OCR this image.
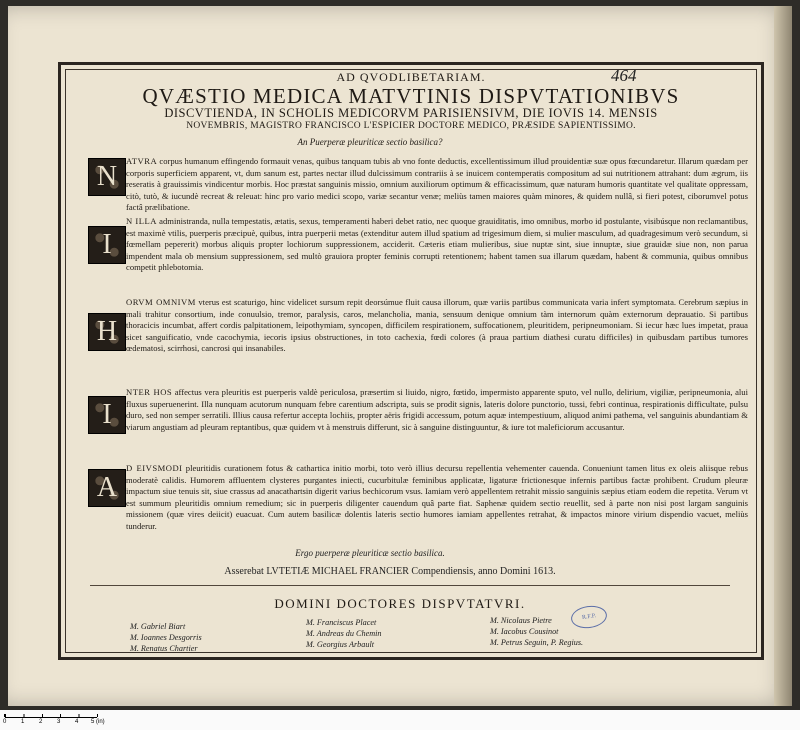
464
AD QVODLIBETARIAM.
QVÆSTIO MEDICA MATVTINIS DISPVTATIONIBVS
DISCVTIENDA, IN SCHOLIS MEDICORVM PARISIENSIVM, DIE IOVIS 14. MENSIS
NOVEMBRIS, MAGISTRO FRANCISCO L'ESPICIER DOCTORE MEDICO, PRÆSIDE SAPIENTISSIMO.
An Puerperæ pleuriticæ sectio basilica?

ATVRA corpus humanum effingendo formauit venas, quibus tanquam tubis ab vno fonte deductis, excellentissimum illud prouidentiæ suæ opus fœcundaretur. Illarum quædam per corporis superficiem apparent, vt, dum sanum est, partes nectar illud dulcissimum contrariis à se inuicem contemperatis compositum ad sui nutritionem attrahant: dum ægrum, iis reseratis à grauissimis vindicentur morbis. Hoc præstat sanguinis missio, omnium auxiliorum optimum & efficacissimum, quæ naturam humoris quantitate vel qualitate oppressam, citò, tutò, & iucundè recreat & releuat: hinc pro vario medici scopo, variæ secantur venæ; meliùs tamen maiores quàm minores, & quidem nullâ, si fieri potest, ciborumvel potus factâ prælibatione.

N

N ILLA administranda, nulla tempestatis, ætatis, sexus, temperamenti haberi debet ratio, nec quoque grauiditatis, imo omnibus, morbo id postulante, visibúsque non reclamantibus, est maximè vtilis, puerperis præcipuè, quibus, intra puerperii metas (extenditur autem illud spatium ad trigesimum diem, si mulier masculum, ad quadragesimum verò secundum, si fœmellam pepererit) morbus aliquis propter lochiorum suppressionem, acciderit. Cæteris etiam mulieribus, siue nuptæ sint, siue innuptæ, siue grauidæ siue non, non parua impendent mala ob mensium suppressionem, sed multò grauiora propter feminis corrupti retentionem; habent tamen sua illarum quædam, habent & communia, quibus omnibus competit phlebotomia.

I

ORVM OMNIVM vterus est scaturigo, hinc videlicet sursum repit deorsúmue fluit causa illorum, quæ variis partibus communicata varia infert symptomata. Cerebrum sæpius in mali trahitur consortium, inde conuulsio, tremor, paralysis, caros, melancholia, mania, sensuum denique omnium tàm internorum quàm externorum deprauatio. Si partibus thoracicis incumbat, affert cordis palpitationem, leipothymiam, syncopen, difficilem respirationem, suffocationem, pleuritidem, peripneumoniam. Si iecur hæc lues impetat, praua sicet sanguificatio, vnde cacochymia, iecoris ipsius obstructiones, in toto cachexia, fœdi colores (à praua partium diathesi curatu difficiles) in quibusdam partibus tumores œdematosi, scirrhosi, cancrosi qui insanabiles.

H

NTER HOS affectus vera pleuritis est puerperis valdè periculosa, præsertim si liuido, nigro, fœtido, impermisto apparente sputo, vel nullo, delirium, vigiliæ, peripneumonia, alui fluxus superuenerint. Illa nunquam acutorum nunquam febre carentium adscripta, suis se prodit signis, lateris dolore punctorio, tussi, febri continua, respirationis difficultate, pulsu duro, sed non semper serratili. Illius causa refertur accepta lochiis, propter aëris frigidi accessum, potum aquæ intempestiuum, aliquod animi pathema, vel sanguinis abundantiam & viarum angustiam ad pleuram reptantibus, quæ quidem vt à menstruis differunt, sic à sanguine distinguuntur, & iure tot maleficiorum accusantur.

I

D EIVSMODI pleuritidis curationem fotus & cathartica initio morbi, toto verò illius decursu repellentia vehementer cauenda. Conueniunt tamen litus ex oleis aliisque rebus moderatè calidis. Humorem affluentem clysteres purgantes iniecti, cucurbitulæ feminibus applicatæ, ligaturæ frictionesque infernis partibus factæ prohibent. Crudum pleuræ impactum siue tenuis sit, siue crassus ad anacathartsin digerit varius bechicorum vsus. Iamiam verò appellentem retrahit missio sanguinis sæpius etiam eodem die repetita. Verum vt est summum pleuritidis omnium remedium; sic in puerperis diligenter cauendum quâ parte fiat. Saphenæ quidem sectio reuellit, sed à parte non nisi post largam sanguinis missionem (quæ vires deiicit) euacuat. Cum autem basilicæ dolentis lateris sectio humores iamiam appellentes retrahat, & impactos minore virium dispendio vacuet, meliùs tunderur.

A
Ergo puerperæ pleuriticæ sectio basilica.
Asserebat LVTETIÆ MICHAEL FRANCIER Compendiensis, anno Domini 1613.
DOMINI DOCTORES DISPVTATVRI.
M. Gabriel Biart
M. Ioannes Desgorris
M. Renatus Chartier
M. Franciscus Placet
M. Andreas du Chemin
M. Georgius Arbault
M. Nicolaus Pietre
M. Iacobus Cousinot
M. Petrus Seguin, P. Regius.
R.F.P.
0 1 2 3 4 5 (in)
